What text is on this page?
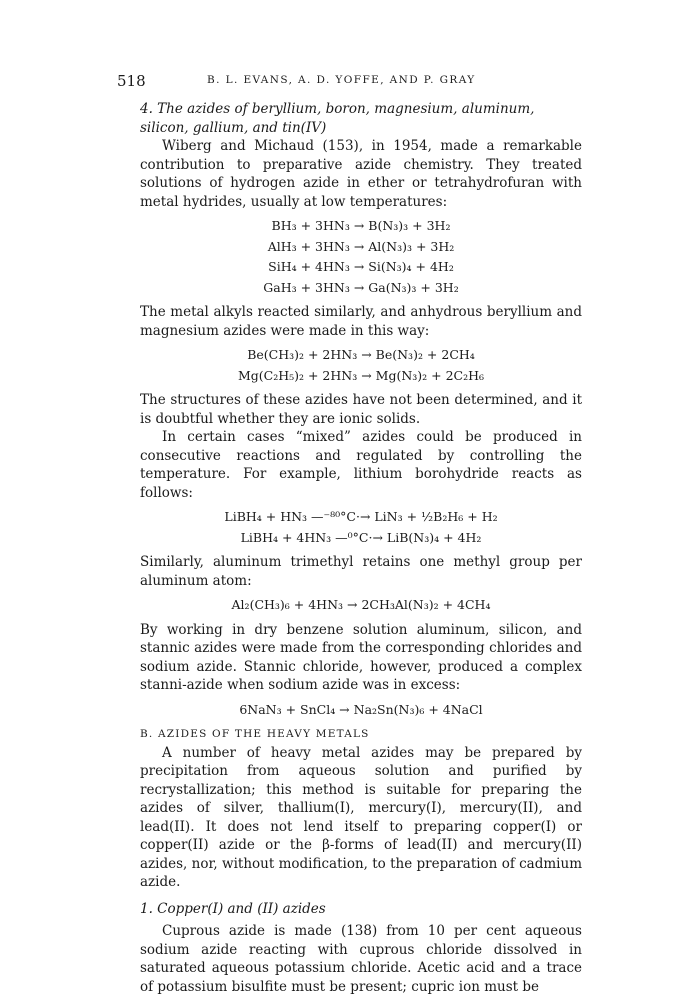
518	B. L. EVANS, A. D. YOFFE, AND P. GRAY

4. The azides of beryllium, boron, magnesium, aluminum,

silicon, gallium, and tin(IV)

Wiberg and Michaud (153), in 1954, made a remarkable contribution to preparative azide chemistry. They treated solutions of hydrogen azide in ether or tetrahydrofuran with metal hydrides, usually at low temperatures:

BH₃ + 3HN₃ → B(N₃)₃ + 3H₂
AlH₃ + 3HN₃ → Al(N₃)₃ + 3H₂
SiH₄ + 4HN₃ → Si(N₃)₄ + 4H₂
GaH₃ + 3HN₃ → Ga(N₃)₃ + 3H₂

The metal alkyls reacted similarly, and anhydrous beryllium and magnesium azides were made in this way:

Be(CH₃)₂ + 2HN₃ → Be(N₃)₂ + 2CH₄
Mg(C₂H₅)₂ + 2HN₃ → Mg(N₃)₂ + 2C₂H₆

The structures of these azides have not been determined, and it is doubtful whether they are ionic solids.

In certain cases “mixed” azides could be produced in consecutive reactions and regulated by controlling the temperature. For example, lithium borohydride reacts as follows:

LiBH₄ + HN₃ —⁻⁸⁰°C·→ LiN₃ + ½B₂H₆ + H₂
LiBH₄ + 4HN₃ —⁰°C·→ LiB(N₃)₄ + 4H₂

Similarly, aluminum trimethyl retains one methyl group per aluminum atom:

Al₂(CH₃)₆ + 4HN₃ → 2CH₃Al(N₃)₂ + 4CH₄

By working in dry benzene solution aluminum, silicon, and stannic azides were made from the corresponding chlorides and sodium azide. Stannic chloride, however, produced a complex stanni-azide when sodium azide was in excess:

6NaN₃ + SnCl₄ → Na₂Sn(N₃)₆ + 4NaCl

B. AZIDES OF THE HEAVY METALS

A number of heavy metal azides may be prepared by precipitation from aqueous solution and purified by recrystallization; this method is suitable for preparing the azides of silver, thallium(I), mercury(I), mercury(II), and lead(II). It does not lend itself to preparing copper(I) or copper(II) azide or the β-forms of lead(II) and mercury(II) azides, nor, without modification, to the preparation of cadmium azide.

1. Copper(I) and (II) azides

Cuprous azide is made (138) from 10 per cent aqueous sodium azide reacting with cuprous chloride dissolved in saturated aqueous potassium chloride. Acetic acid and a trace of potassium bisulfite must be present; cupric ion must be
